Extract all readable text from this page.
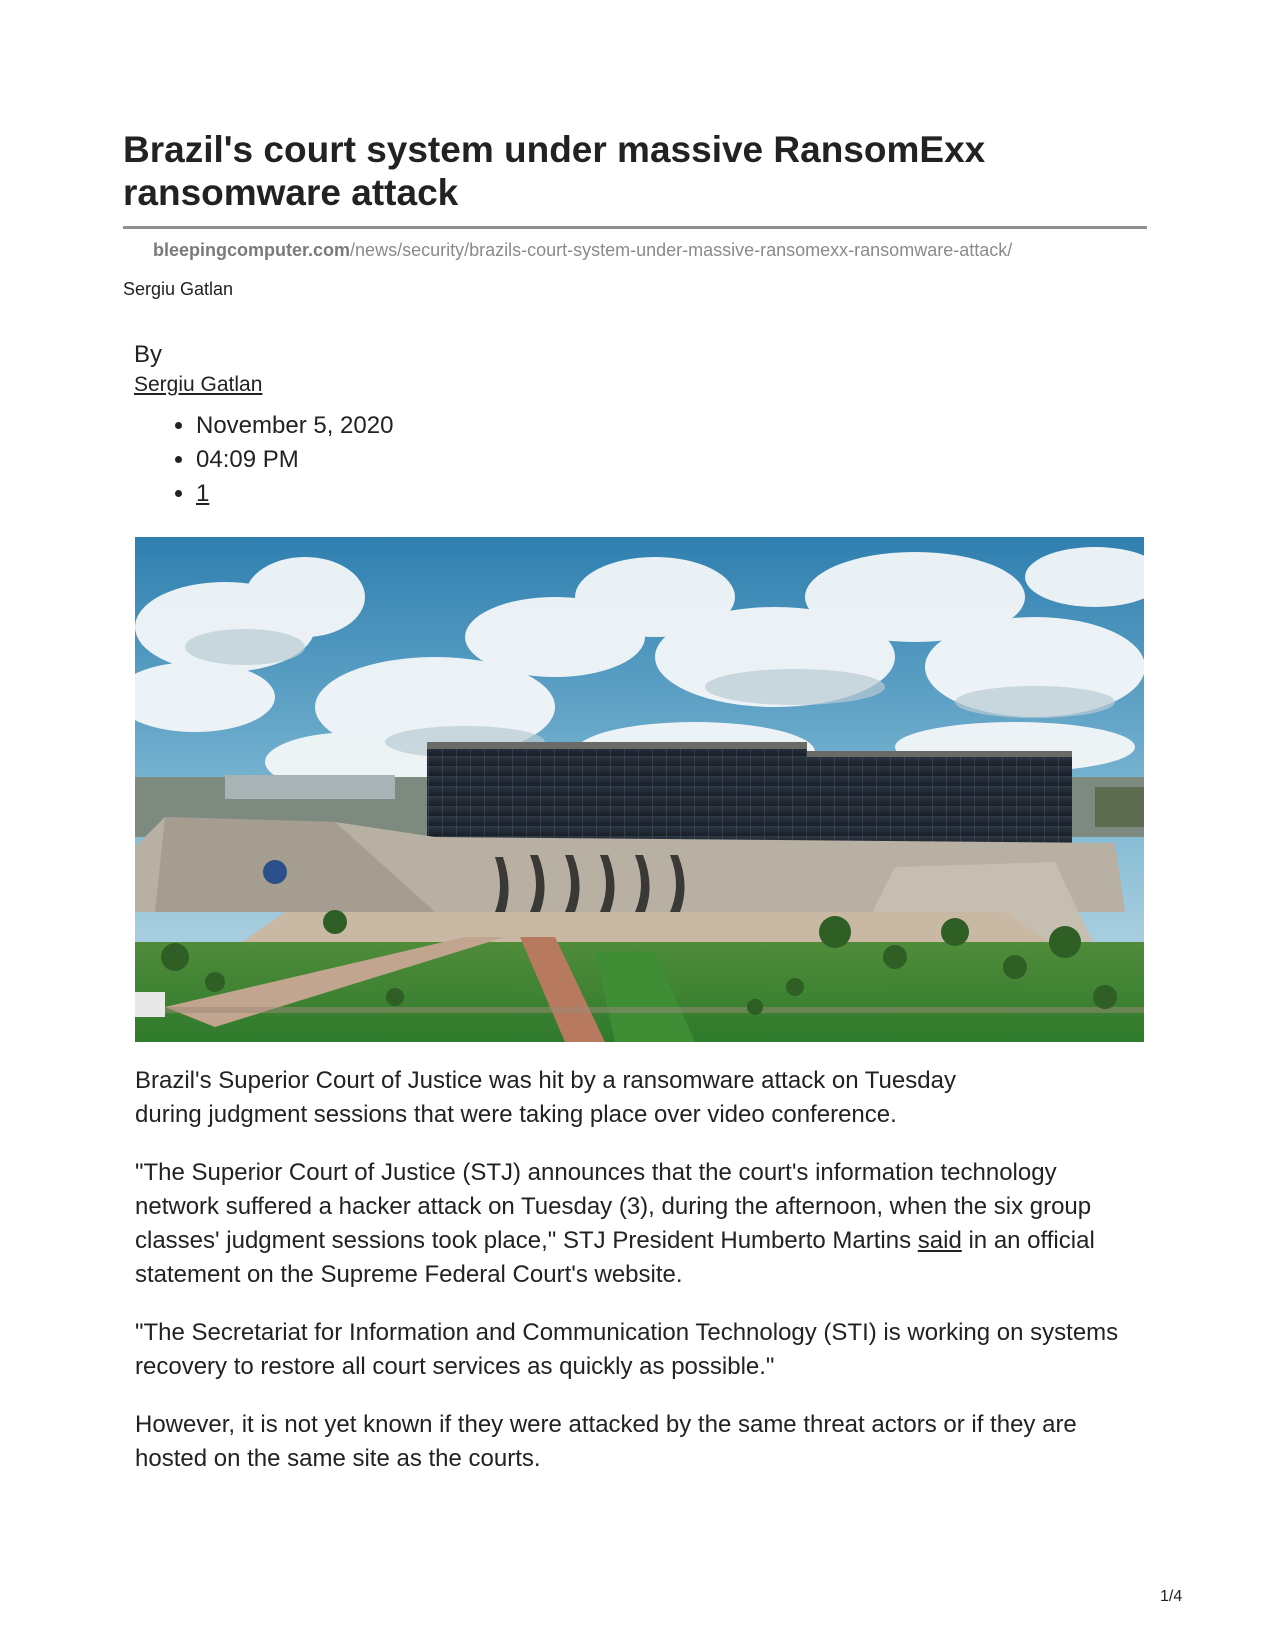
Brazil's court system under massive RansomExx ransomware attack
bleepingcomputer.com/news/security/brazils-court-system-under-massive-ransomexx-ransomware-attack/
Sergiu Gatlan
By
Sergiu Gatlan
• November 5, 2020
• 04:09 PM
• 1

Brazil's Superior Court of Justice was hit by a ransomware attack on Tuesday during judgment sessions that were taking place over video conference.

"The Superior Court of Justice (STJ) announces that the court's information technology network suffered a hacker attack on Tuesday (3), during the afternoon, when the six group classes' judgment sessions took place," STJ President Humberto Martins said in an official statement on the Supreme Federal Court's website.

"The Secretariat for Information and Communication Technology (STI) is working on systems recovery to restore all court services as quickly as possible."

However, it is not yet known if they were attacked by the same threat actors or if they are hosted on the same site as the courts.

1/4
